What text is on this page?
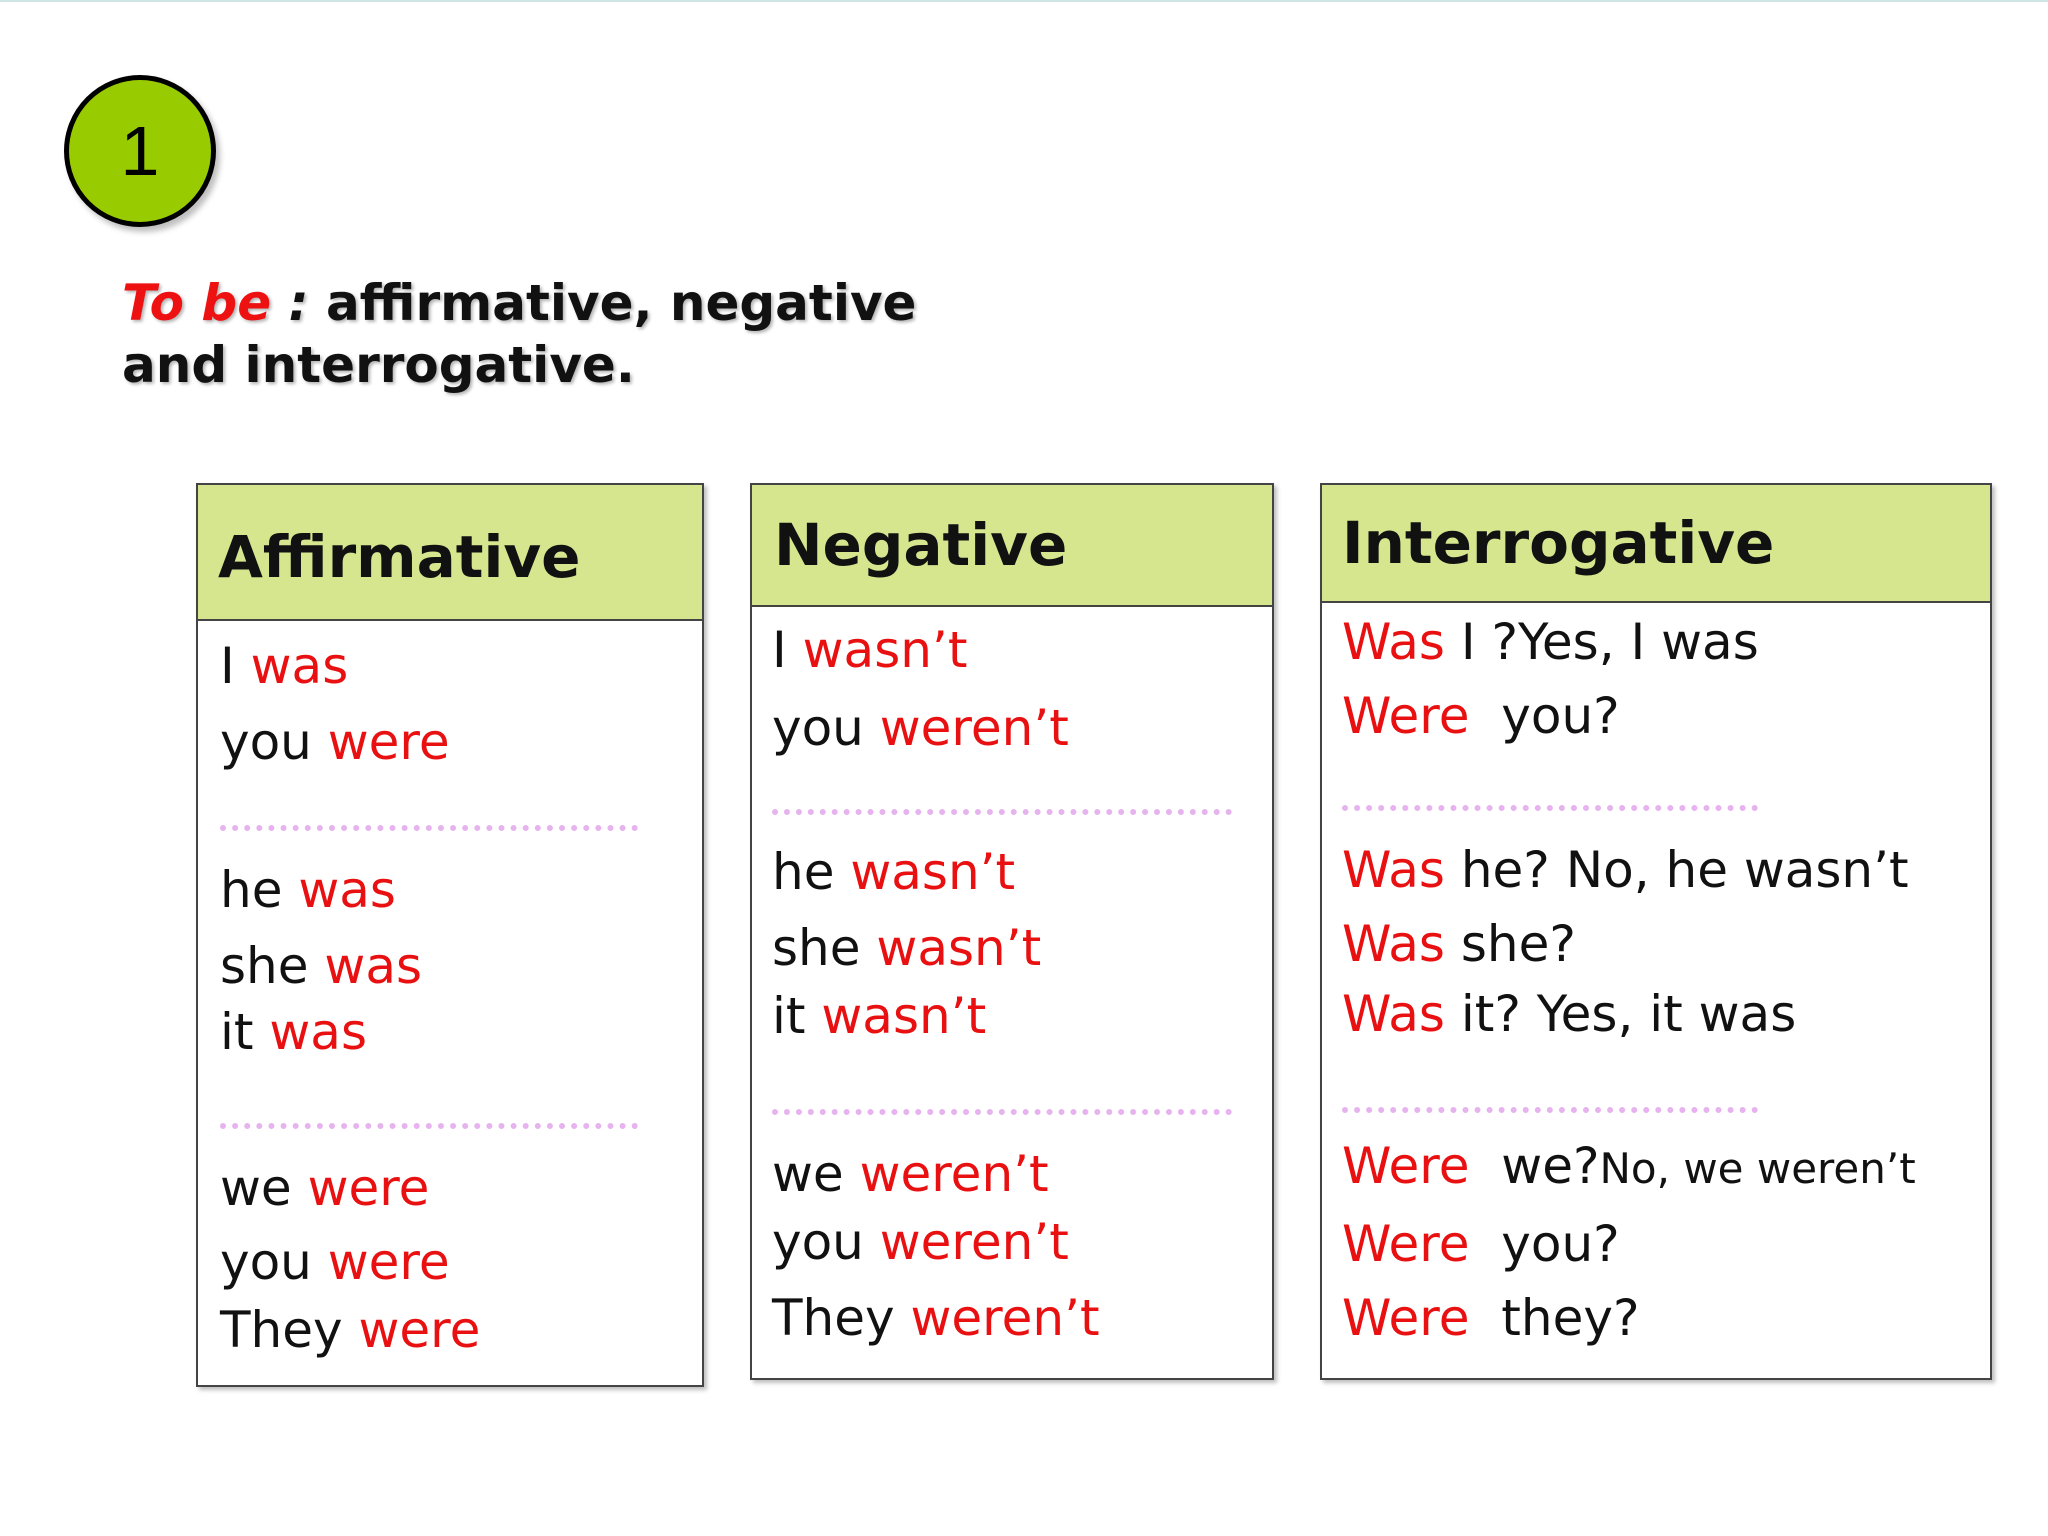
1
To be : affirmative, negative
and interrogative.
Affirmative
I was
you were
he was
she was
it was
we were
you were
They were
Negative
I wasn’t
you weren’t
he wasn’t
she wasn’t
it wasn’t
we weren’t
you weren’t
They weren’t
Interrogative
Was I ?Yes, I was
Were you?
Was he? No, he wasn’t
Was she?
Was it? Yes, it was
Were we?No, we weren’t
Were you?
Were they?
